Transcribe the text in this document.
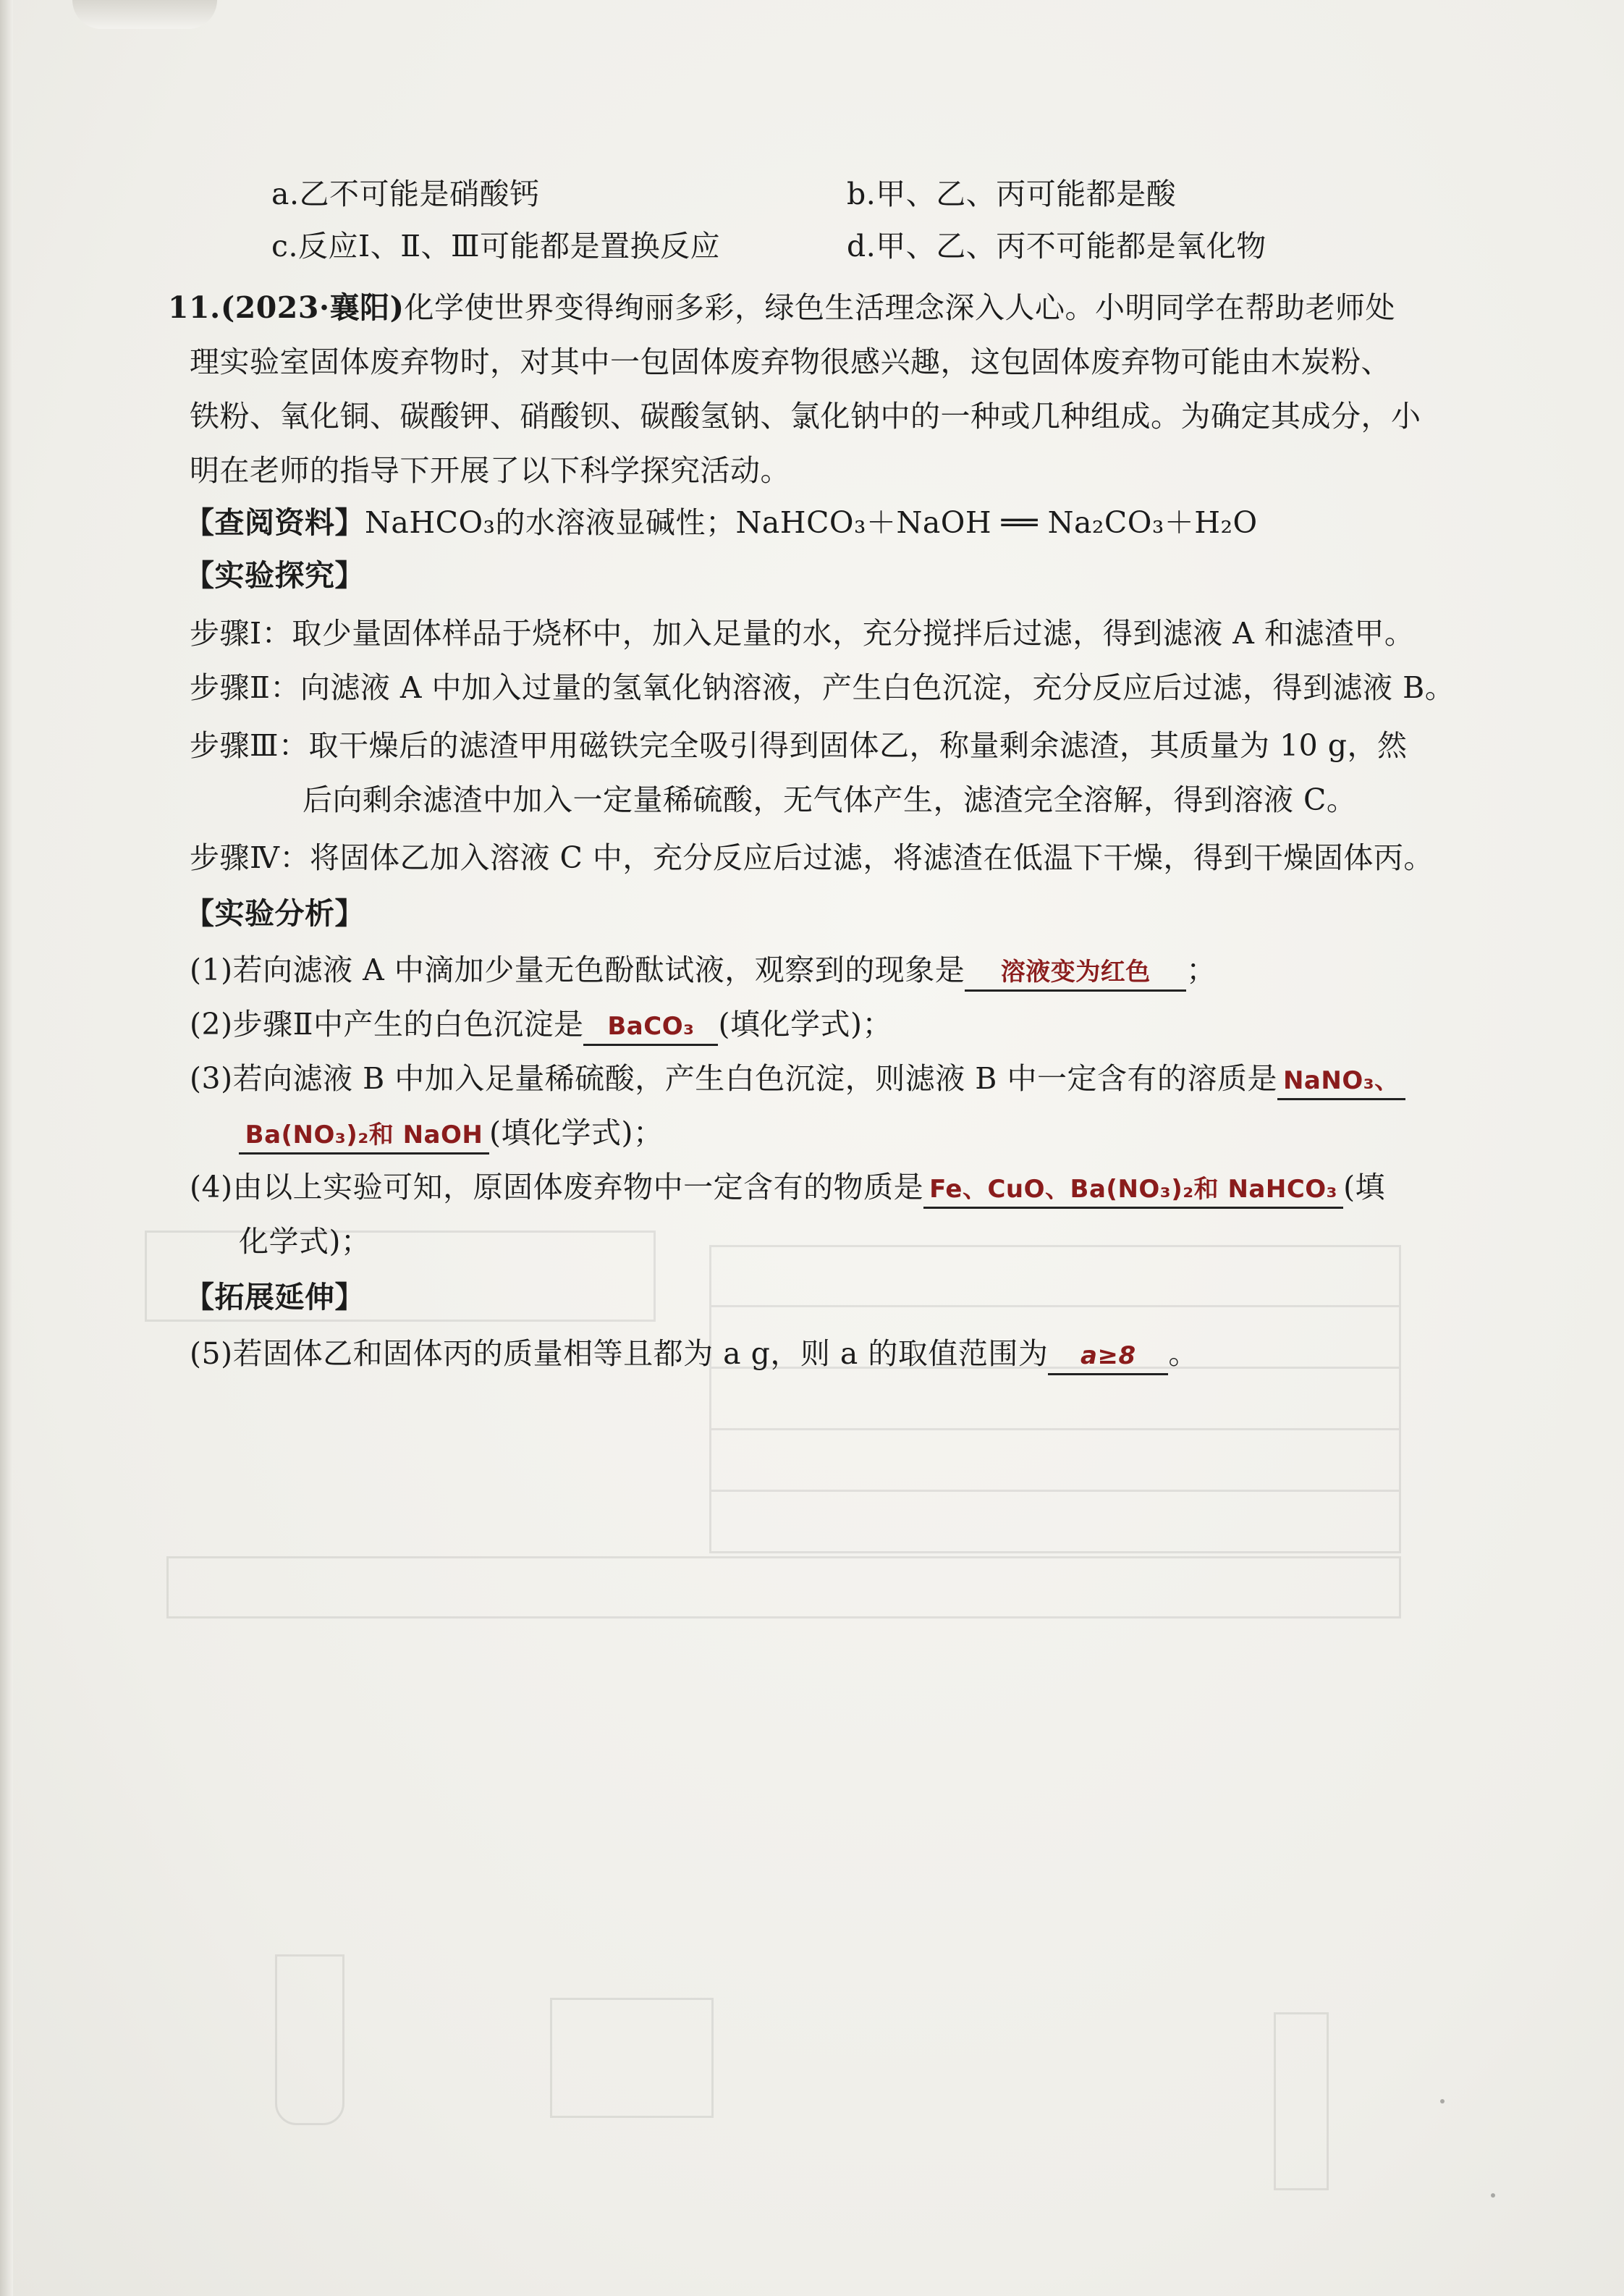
a.乙不可能是硝酸钙	b.甲、乙、丙可能都是酸
c.反应Ⅰ、Ⅱ、Ⅲ可能都是置换反应	d.甲、乙、丙不可能都是氧化物
11.(2023·襄阳)化学使世界变得绚丽多彩，绿色生活理念深入人心。小明同学在帮助老师处
理实验室固体废弃物时，对其中一包固体废弃物很感兴趣，这包固体废弃物可能由木炭粉、
铁粉、氧化铜、碳酸钾、硝酸钡、碳酸氢钠、氯化钠中的一种或几种组成。为确定其成分，小
明在老师的指导下开展了以下科学探究活动。
【查阅资料】NaHCO₃的水溶液显碱性；NaHCO₃＋NaOH ══ Na₂CO₃＋H₂O
【实验探究】
步骤Ⅰ：取少量固体样品于烧杯中，加入足量的水，充分搅拌后过滤，得到滤液 A 和滤渣甲。
步骤Ⅱ：向滤液 A 中加入过量的氢氧化钠溶液，产生白色沉淀，充分反应后过滤，得到滤液 B。
步骤Ⅲ：取干燥后的滤渣甲用磁铁完全吸引得到固体乙，称量剩余滤渣，其质量为 10 g，然
后向剩余滤渣中加入一定量稀硫酸，无气体产生，滤渣完全溶解，得到溶液 C。
步骤Ⅳ：将固体乙加入溶液 C 中，充分反应后过滤，将滤渣在低温下干燥，得到干燥固体丙。
【实验分析】
(1)若向滤液 A 中滴加少量无色酚酞试液，观察到的现象是 溶液变为红色 ；
(2)步骤Ⅱ中产生的白色沉淀是 BaCO₃ (填化学式)；
(3)若向滤液 B 中加入足量稀硫酸，产生白色沉淀，则滤液 B 中一定含有的溶质是 NaNO₃、
Ba(NO₃)₂和 NaOH (填化学式)；
(4)由以上实验可知，原固体废弃物中一定含有的物质是 Fe、CuO、Ba(NO₃)₂和 NaHCO₃ (填
化学式)；
【拓展延伸】
(5)若固体乙和固体丙的质量相等且都为 a g，则 a 的取值范围为 a≥8 。
